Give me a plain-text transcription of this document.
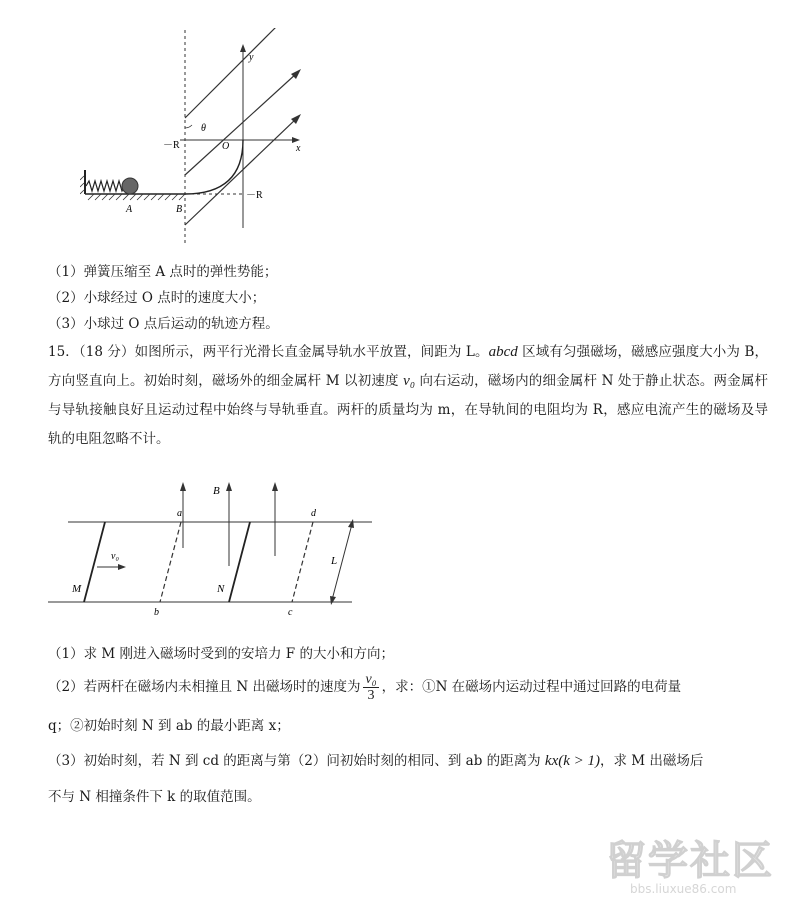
y
x
θ
－R	O
－R
A	B
（1）弹簧压缩至 A 点时的弹性势能；
（2）小球经过 O 点时的速度大小；
（3）小球过 O 点后运动的轨迹方程。
15．（18 分）如图所示，两平行光滑长直金属导轨水平放置，间距为 L。abcd 区域有匀强磁场，磁感应强度大小为 B，方向竖直向上。初始时刻，磁场外的细金属杆 M 以初速度 v₀ 向右运动，磁场内的细金属杆 N 处于静止状态。两金属杆与导轨接触良好且运动过程中始终与导轨垂直。两杆的质量均为 m，在导轨间的电阻均为 R，感应电流产生的磁场及导轨的电阻忽略不计。
B
a	d
b	c
M
v₀
N
L
（1）求 M 刚进入磁场时受到的安培力 F 的大小和方向；
（2）若两杆在磁场内未相撞且 N 出磁场时的速度为 $\frac{\text{v₀}}{3}$ ，求：①N 在磁场内运动过程中通过回路的电荷量
q；②初始时刻 N 到 ab 的最小距离 x；
（3）初始时刻，若 N 到 cd 的距离与第（2）问初始时刻的相同、到 ab 的距离为 kx(k > 1)，求 M 出磁场后
不与 N 相撞条件下 k 的取值范围。
留学社区
bbs.liuxue86.com
